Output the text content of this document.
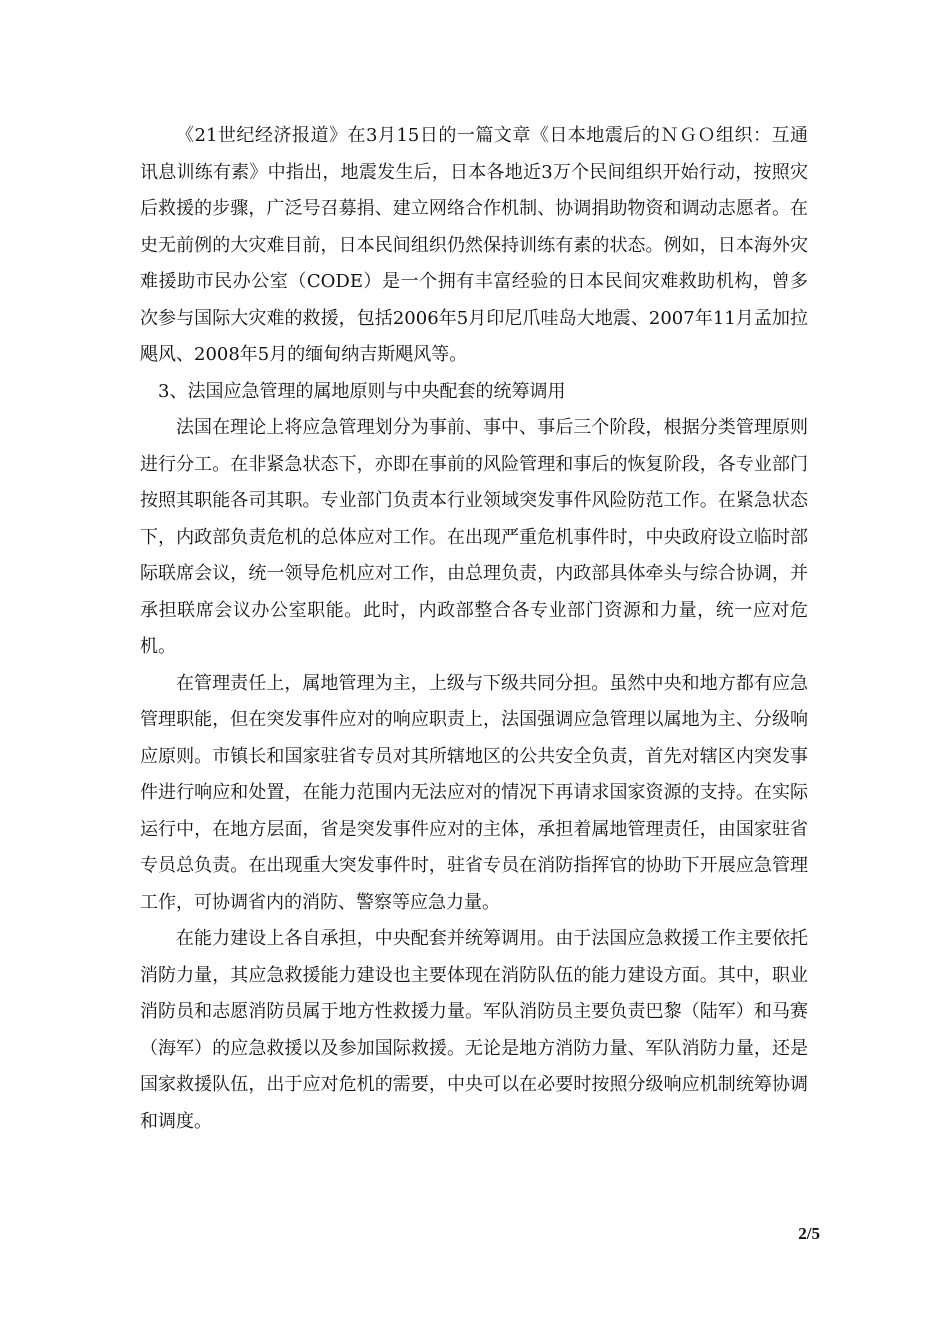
《21世纪经济报道》在3月15日的一篇文章《日本地震后的ＮＧＯ组织：互通讯息训练有素》中指出，地震发生后，日本各地近3万个民间组织开始行动，按照灾后救援的步骤，广泛号召募捐、建立网络合作机制、协调捐助物资和调动志愿者。在史无前例的大灾难目前，日本民间组织仍然保持训练有素的状态。例如，日本海外灾难援助市民办公室（CODE）是一个拥有丰富经验的日本民间灾难救助机构，曾多次参与国际大灾难的救援，包括2006年5月印尼爪哇岛大地震、2007年11月孟加拉飓风、2008年5月的缅甸纳吉斯飓风等。

3、法国应急管理的属地原则与中央配套的统筹调用

法国在理论上将应急管理划分为事前、事中、事后三个阶段，根据分类管理原则进行分工。在非紧急状态下，亦即在事前的风险管理和事后的恢复阶段，各专业部门按照其职能各司其职。专业部门负责本行业领域突发事件风险防范工作。在紧急状态下，内政部负责危机的总体应对工作。在出现严重危机事件时，中央政府设立临时部际联席会议，统一领导危机应对工作，由总理负责，内政部具体牵头与综合协调，并承担联席会议办公室职能。此时，内政部整合各专业部门资源和力量，统一应对危机。

在管理责任上，属地管理为主，上级与下级共同分担。虽然中央和地方都有应急管理职能，但在突发事件应对的响应职责上，法国强调应急管理以属地为主、分级响应原则。市镇长和国家驻省专员对其所辖地区的公共安全负责，首先对辖区内突发事件进行响应和处置，在能力范围内无法应对的情况下再请求国家资源的支持。在实际运行中，在地方层面，省是突发事件应对的主体，承担着属地管理责任，由国家驻省专员总负责。在出现重大突发事件时，驻省专员在消防指挥官的协助下开展应急管理工作，可协调省内的消防、警察等应急力量。

在能力建设上各自承担，中央配套并统筹调用。由于法国应急救援工作主要依托消防力量，其应急救援能力建设也主要体现在消防队伍的能力建设方面。其中，职业消防员和志愿消防员属于地方性救援力量。军队消防员主要负责巴黎（陆军）和马赛（海军）的应急救援以及参加国际救援。无论是地方消防力量、军队消防力量，还是国家救援队伍，出于应对危机的需要，中央可以在必要时按照分级响应机制统筹协调和调度。

2/5
